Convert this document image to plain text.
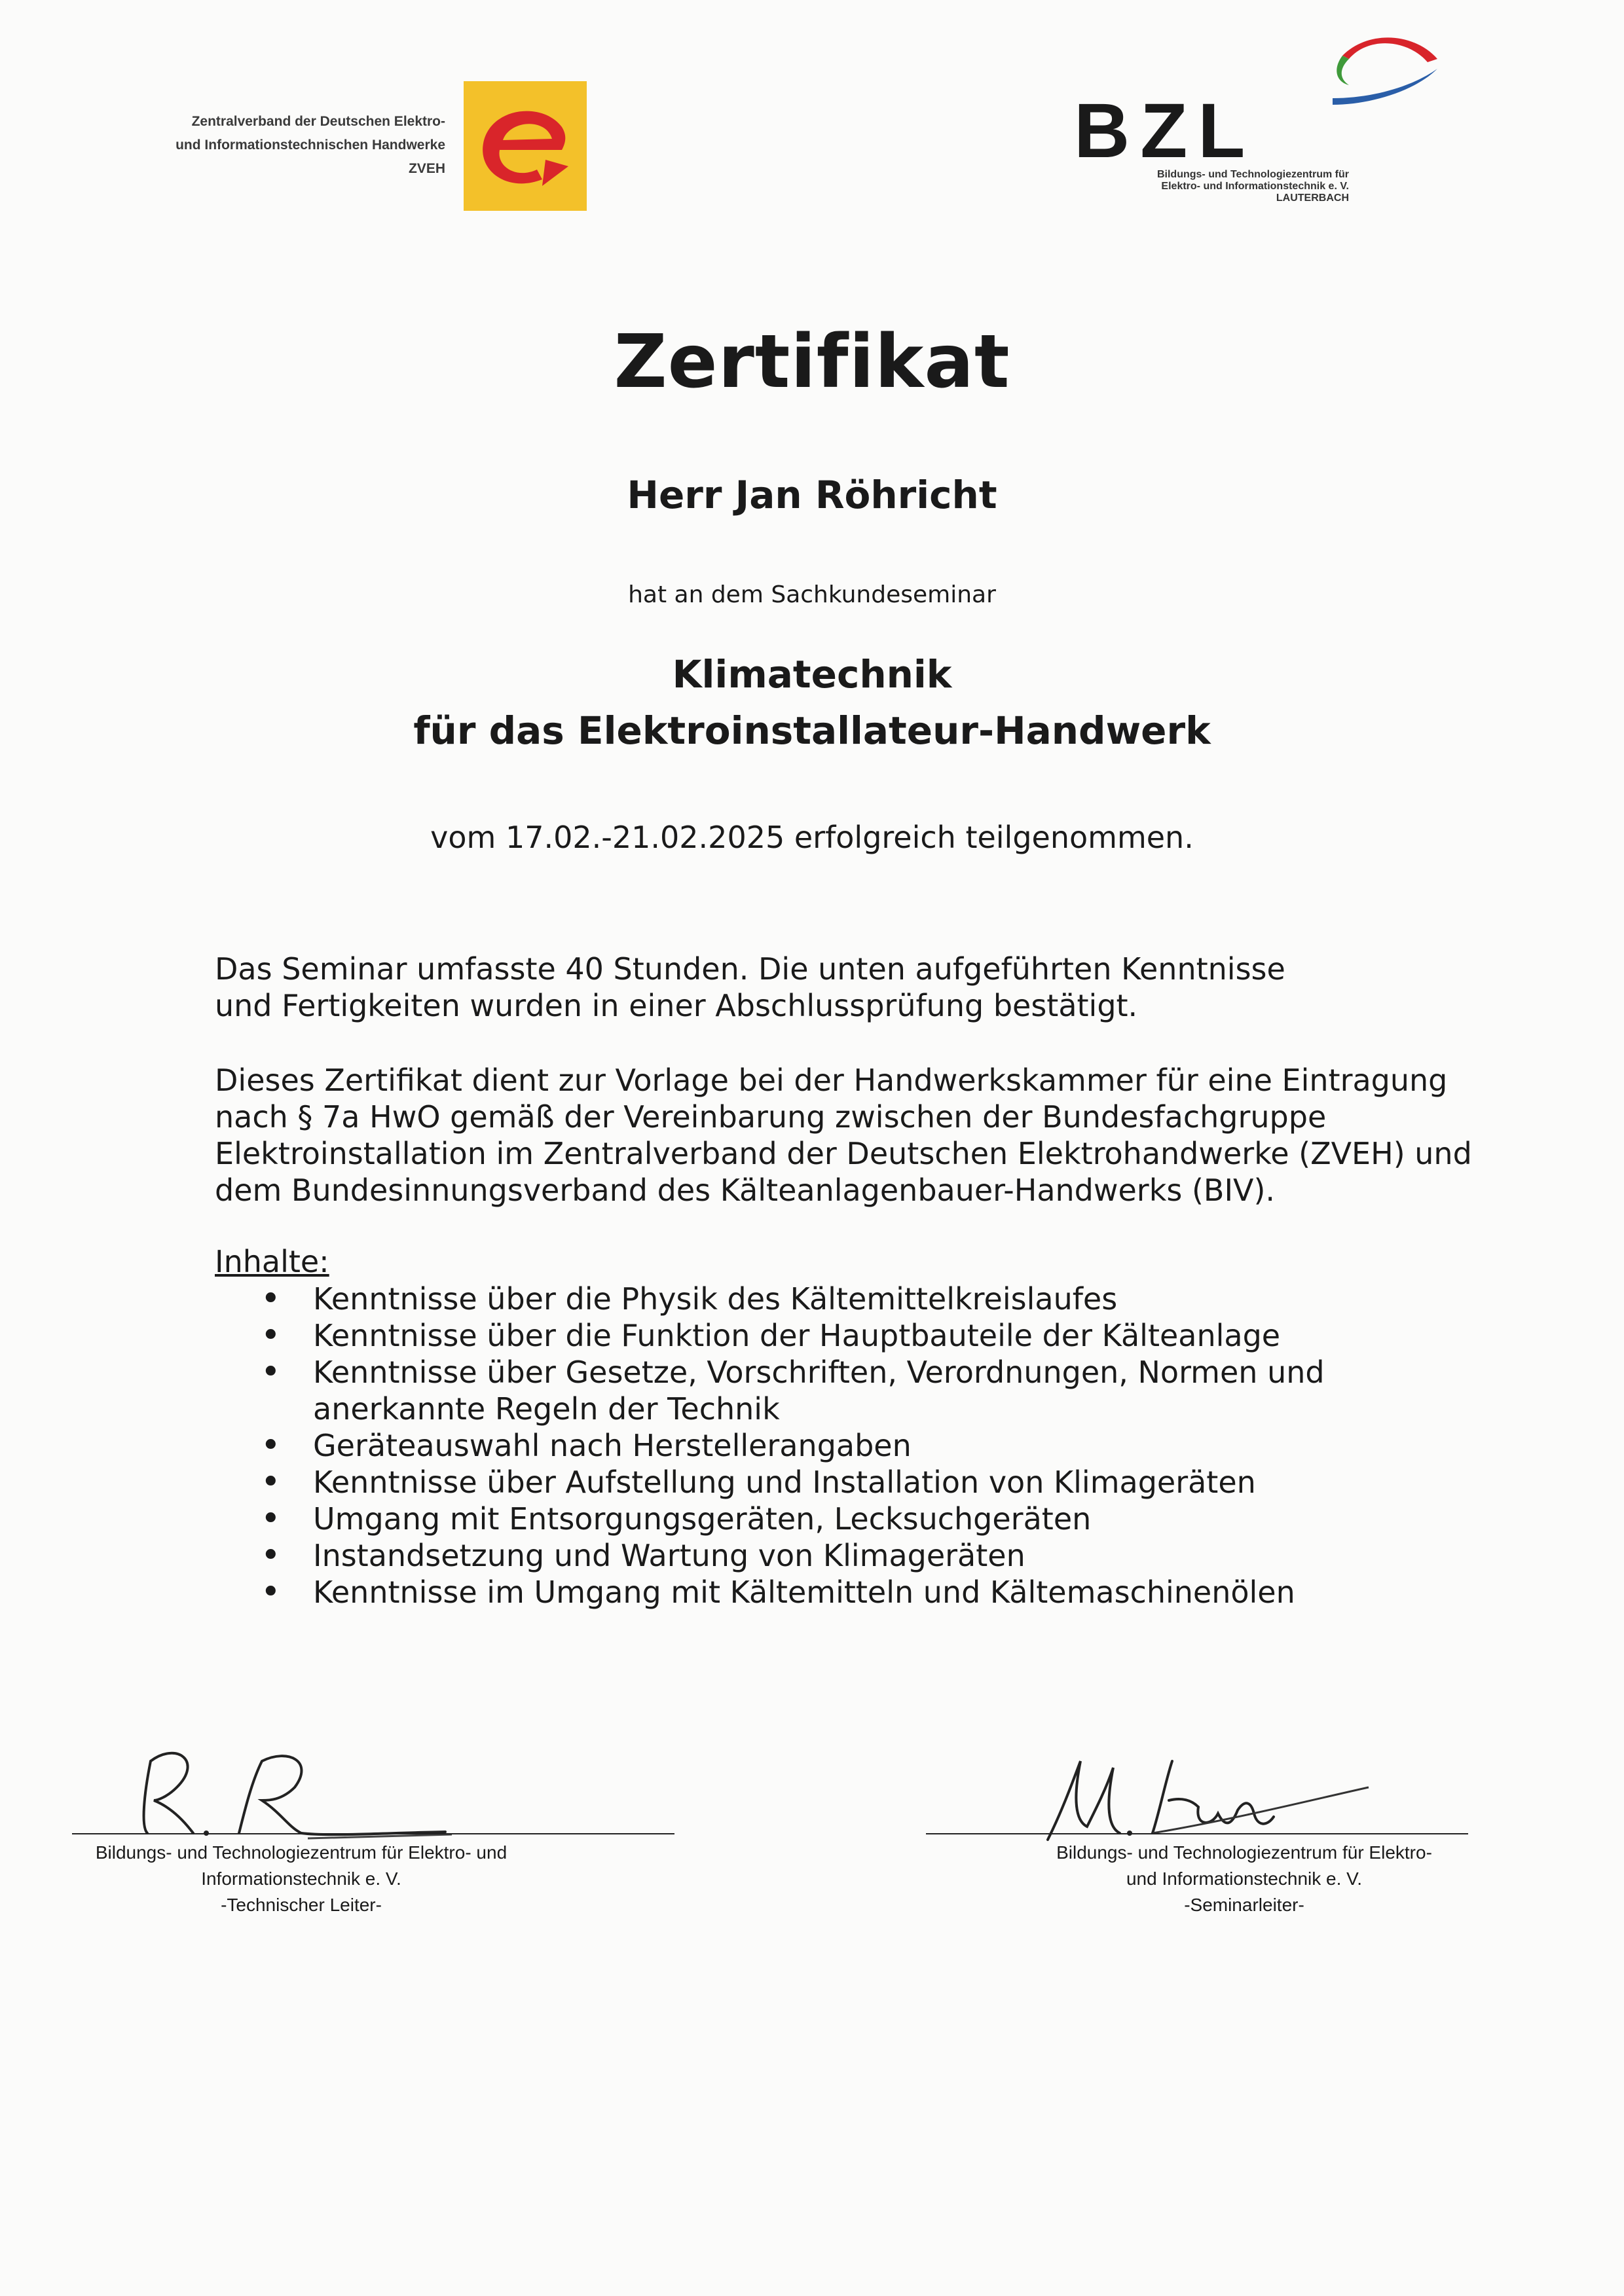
Zentralverband der Deutschen Elektro-
und Informationstechnischen Handwerke
ZVEH	BZL
Bildungs- und Technologiezentrum für
Elektro- und Informationstechnik e. V.
LAUTERBACH
Zertifikat
Herr Jan Röhricht
hat an dem Sachkundeseminar
Klimatechnik
für das Elektroinstallateur-Handwerk
vom 17.02.-21.02.2025 erfolgreich teilgenommen.
Das Seminar umfasste 40 Stunden. Die unten aufgeführten Kenntnisse
und Fertigkeiten wurden in einer Abschlussprüfung bestätigt.
Dieses Zertifikat dient zur Vorlage bei der Handwerkskammer für eine Eintragung
nach § 7a HwO gemäß der Vereinbarung zwischen der Bundesfachgruppe
Elektroinstallation im Zentralverband der Deutschen Elektrohandwerke (ZVEH) und
dem Bundesinnungsverband des Kälteanlagenbauer-Handwerks (BIV).
Inhalte:
• Kenntnisse über die Physik des Kältemittelkreislaufes
• Kenntnisse über die Funktion der Hauptbauteile der Kälteanlage
• Kenntnisse über Gesetze, Vorschriften, Verordnungen, Normen und
anerkannte Regeln der Technik
• Geräteauswahl nach Herstellerangaben
• Kenntnisse über Aufstellung und Installation von Klimageräten
• Umgang mit Entsorgungsgeräten, Lecksuchgeräten
• Instandsetzung und Wartung von Klimageräten
• Kenntnisse im Umgang mit Kältemitteln und Kältemaschinenölen
Bildungs- und Technologiezentrum für Elektro- und
Informationstechnik e. V.
-Technischer Leiter-
Bildungs- und Technologiezentrum für Elektro-
und Informationstechnik e. V.
-Seminarleiter-
